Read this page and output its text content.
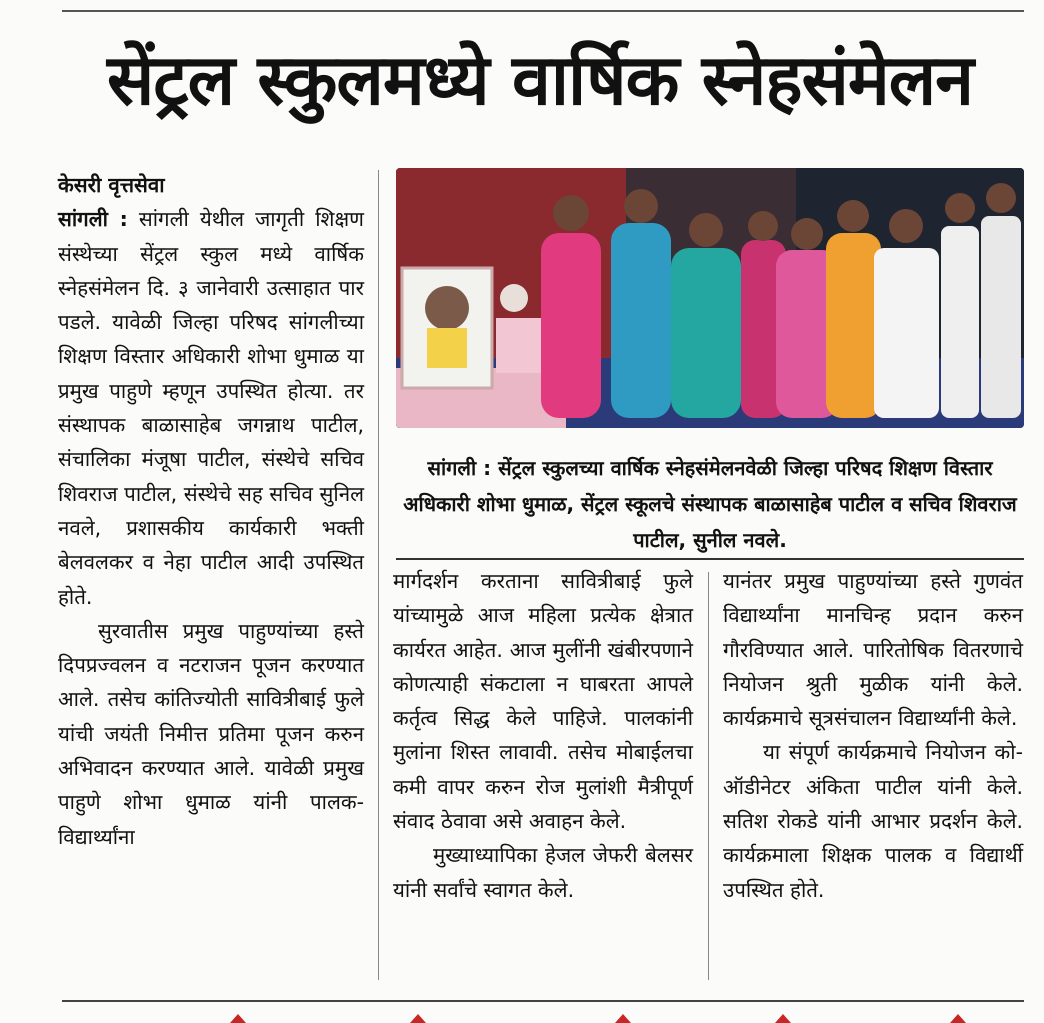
सेंट्रल स्कुलमध्ये वार्षिक स्नेहसंमेलन
केसरी वृत्तसेवा

सांगली : सांगली येथील जागृती शिक्षण संस्थेच्या सेंट्रल स्कुल मध्ये वार्षिक स्नेहसंमेलन दि. ३ जानेवारी उत्साहात पार पडले. यावेळी जिल्हा परिषद सांगलीच्या शिक्षण विस्तार अधिकारी शोभा धुमाळ या प्रमुख पाहुणे म्हणून उपस्थित होत्या. तर संस्थापक बाळासाहेब जगन्नाथ पाटील, संचालिका मंजूषा पाटील, संस्थेचे सचिव शिवराज पाटील, संस्थेचे सह सचिव सुनिल नवले, प्रशासकीय कार्यकारी भक्ती बेलवलकर व नेहा पाटील आदी उपस्थित होते.

सुरवातीस प्रमुख पाहुण्यांच्या हस्ते दिपप्रज्वलन व नटराजन पूजन करण्यात आले. तसेच कांतिज्योती सावित्रीबाई फुले यांची जयंती निमीत्त प्रतिमा पूजन करुन अभिवादन करण्यात आले. यावेळी प्रमुख पाहुणे शोभा धुमाळ यांनी पालक-विद्यार्थ्यांना

सांगली : सेंट्रल स्कुलच्या वार्षिक स्नेहसंमेलनवेळी जिल्हा परिषद शिक्षण विस्तार अधिकारी शोभा धुमाळ, सेंट्रल स्कूलचे संस्थापक बाळासाहेब पाटील व सचिव शिवराज पाटील, सुनील नवले.

मार्गदर्शन करताना सावित्रीबाई फुले यांच्यामुळे आज महिला प्रत्येक क्षेत्रात कार्यरत आहेत. आज मुलींनी खंबीरपणाने कोणत्याही संकटाला न घाबरता आपले कर्तृत्व सिद्ध केले पाहिजे. पालकांनी मुलांना शिस्त लावावी. तसेच मोबाईलचा कमी वापर करुन रोज मुलांशी मैत्रीपूर्ण संवाद ठेवावा असे अवाहन केले.

मुख्याध्यापिका हेजल जेफरी बेलसर यांनी सर्वांचे स्वागत केले.

यानंतर प्रमुख पाहुण्यांच्या हस्ते गुणवंत विद्यार्थ्यांना मानचिन्ह प्रदान करुन गौरविण्यात आले. पारितोषिक वितरणाचे नियोजन श्रुती मुळीक यांनी केले. कार्यक्रमाचे सूत्रसंचालन विद्यार्थ्यांनी केले.

या संपूर्ण कार्यक्रमाचे नियोजन को-ऑडीनेटर अंकिता पाटील यांनी केले. सतिश रोकडे यांनी आभार प्रदर्शन केले. कार्यक्रमाला शिक्षक पालक व विद्यार्थी उपस्थित होते.
